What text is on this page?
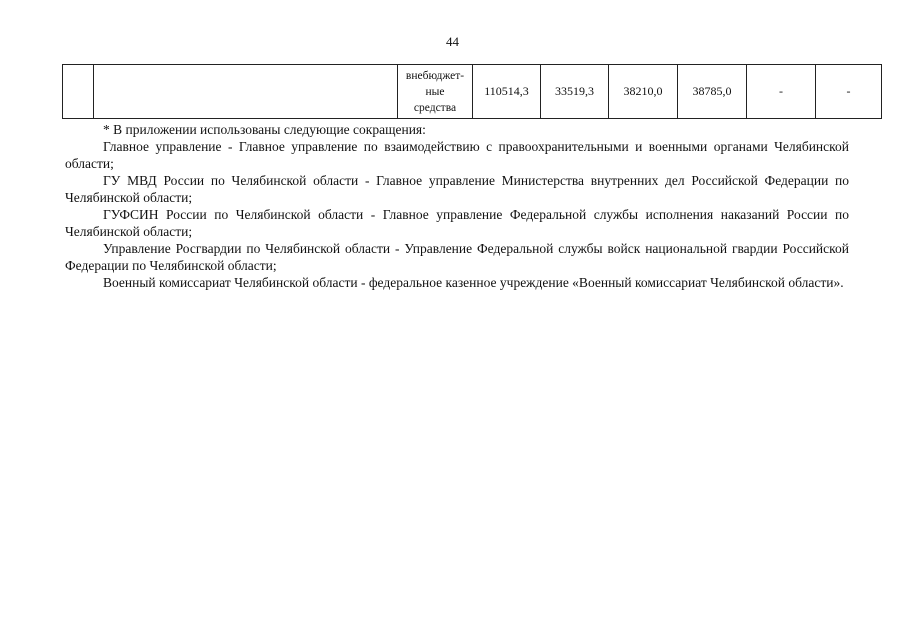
44
		внебюджет-
ные
средства	110514,3	33519,3	38210,0	38785,0	-	-

* В приложении использованы следующие сокращения:

Главное управление - Главное управление по взаимодействию с правоохранительными и военными органами Челябинской области;

ГУ МВД России по Челябинской области - Главное управление Министерства внутренних дел Российской Федерации по Челябинской области;

ГУФСИН России по Челябинской области - Главное управление Федеральной службы исполнения наказаний России по Челябинской области;

Управление Росгвардии по Челябинской области - Управление Федеральной службы войск национальной гвардии Российской Федерации по Челябинской области;

Военный комиссариат Челябинской области - федеральное казенное учреждение «Военный комиссариат Челябинской области».
